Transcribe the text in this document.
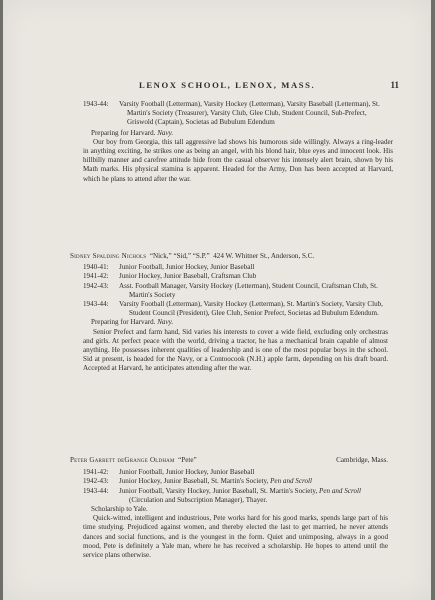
LENOX SCHOOL, LENOX, MASS.	11

1943-44:	Varsity Football (Letterman), Varsity Hockey (Letterman), Varsity Baseball (Letterman), St. Martin's Society (Treasurer), Varsity Club, Glee Club, Student Council, Sub-Prefect, Griswold (Captain), Societas ad Bubulum Edendum

Preparing for Harvard. Navy.

Our boy from Georgia, this tall aggressive lad shows his humorous side willingly. Always a ring-leader in anything exciting, he strikes one as being an angel, with his blond hair, blue eyes and innocent look. His hillbilly manner and carefree attitude hide from the casual observer his intensely alert brain, shown by his Math marks. His physical stamina is apparent. Headed for the Army, Don has been accepted at Harvard, which he plans to attend after the war.

Sidney Spalding Nichols “Nick,” “Sid,” “S.P.” 424 W. Whitner St., Anderson, S.C.

1940-41:	Junior Football, Junior Hockey, Junior Baseball

1941-42:	Junior Hockey, Junior Baseball, Craftsman Club

1942-43:	Asst. Football Manager, Varsity Hockey (Letterman), Student Council, Craftsman Club, St. Martin's Society

1943-44:	Varsity Football (Letterman), Varsity Hockey (Letterman), St. Martin's Society, Varsity Club, Student Council (President), Glee Club, Senior Prefect, Societas ad Bubulum Edendum.

Preparing for Harvard. Navy.

Senior Prefect and farm hand, Sid varies his interests to cover a wide field, excluding only orchestras and girls. At perfect peace with the world, driving a tractor, he has a mechanical brain capable of almost anything. He possesses inherent qualities of leadership and is one of the most popular boys in the school. Sid at present, is headed for the Navy, or a Contoocook (N.H.) apple farm, depending on his draft board. Accepted at Harvard, he anticipates attending after the war.

Peter Garrett deGrange Oldham “Pete”	Cambridge, Mass.

1941-42:	Junior Football, Junior Hockey, Junior Baseball

1942-43:	Junior Hockey, Junior Baseball, St. Martin's Society, Pen and Scroll

1943-44:	Junior Football, Varsity Hockey, Junior Baseball, St. Martin's Society, Pen and Scroll (Circulation and Subscription Manager), Thayer.

Scholarship to Yale.

Quick-witted, intelligent and industrious, Pete works hard for his good marks, spends large part of his time studying. Prejudiced against women, and thereby elected the last to get married, he never attends dances and social functions, and is the youngest in the form. Quiet and unimposing, always in a good mood, Pete is definitely a Yale man, where he has received a scholarship. He hopes to attend until the service plans otherwise.
